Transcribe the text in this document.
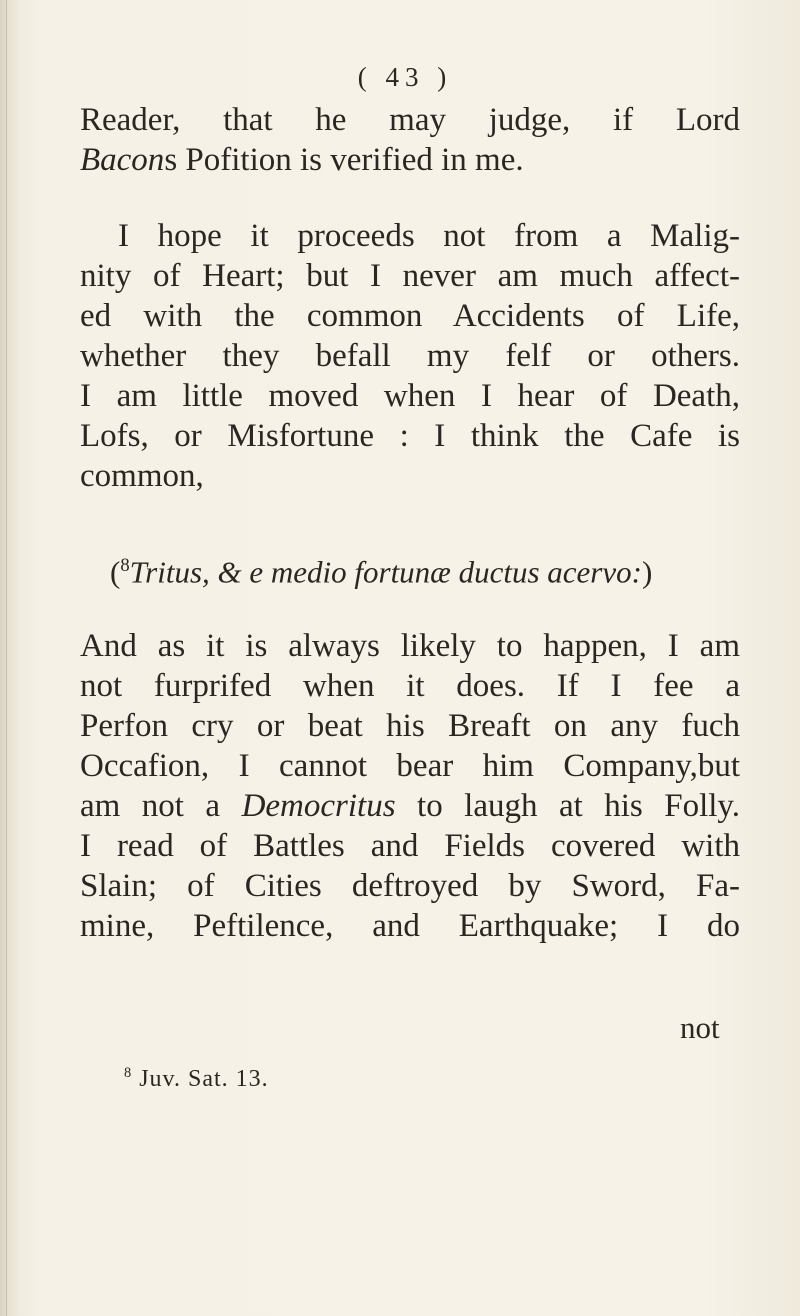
( 43 )
Reader, that he may judge, if Lord
Bacons Pofition is verified in me.
I hope it proceeds not from a Malig-
nity of Heart; but I never am much affect-
ed with the common Accidents of Life,
whether they befall my felf or others.
I am little moved when I hear of Death,
Lofs, or Misfortune : I think the Cafe is
common,
($^8$Tritus, & e medio fortunæ ductus acervo:)
And as it is always likely to happen, I am
not furprifed when it does. If I fee a
Perfon cry or beat his Breaft on any fuch
Occafion, I cannot bear him Company,but
am not a Democritus to laugh at his Folly.
I read of Battles and Fields covered with
Slain; of Cities deftroyed by Sword, Fa-
mine, Peftilence, and Earthquake; I do
not
$^8$ Juv. Sat. 13.
